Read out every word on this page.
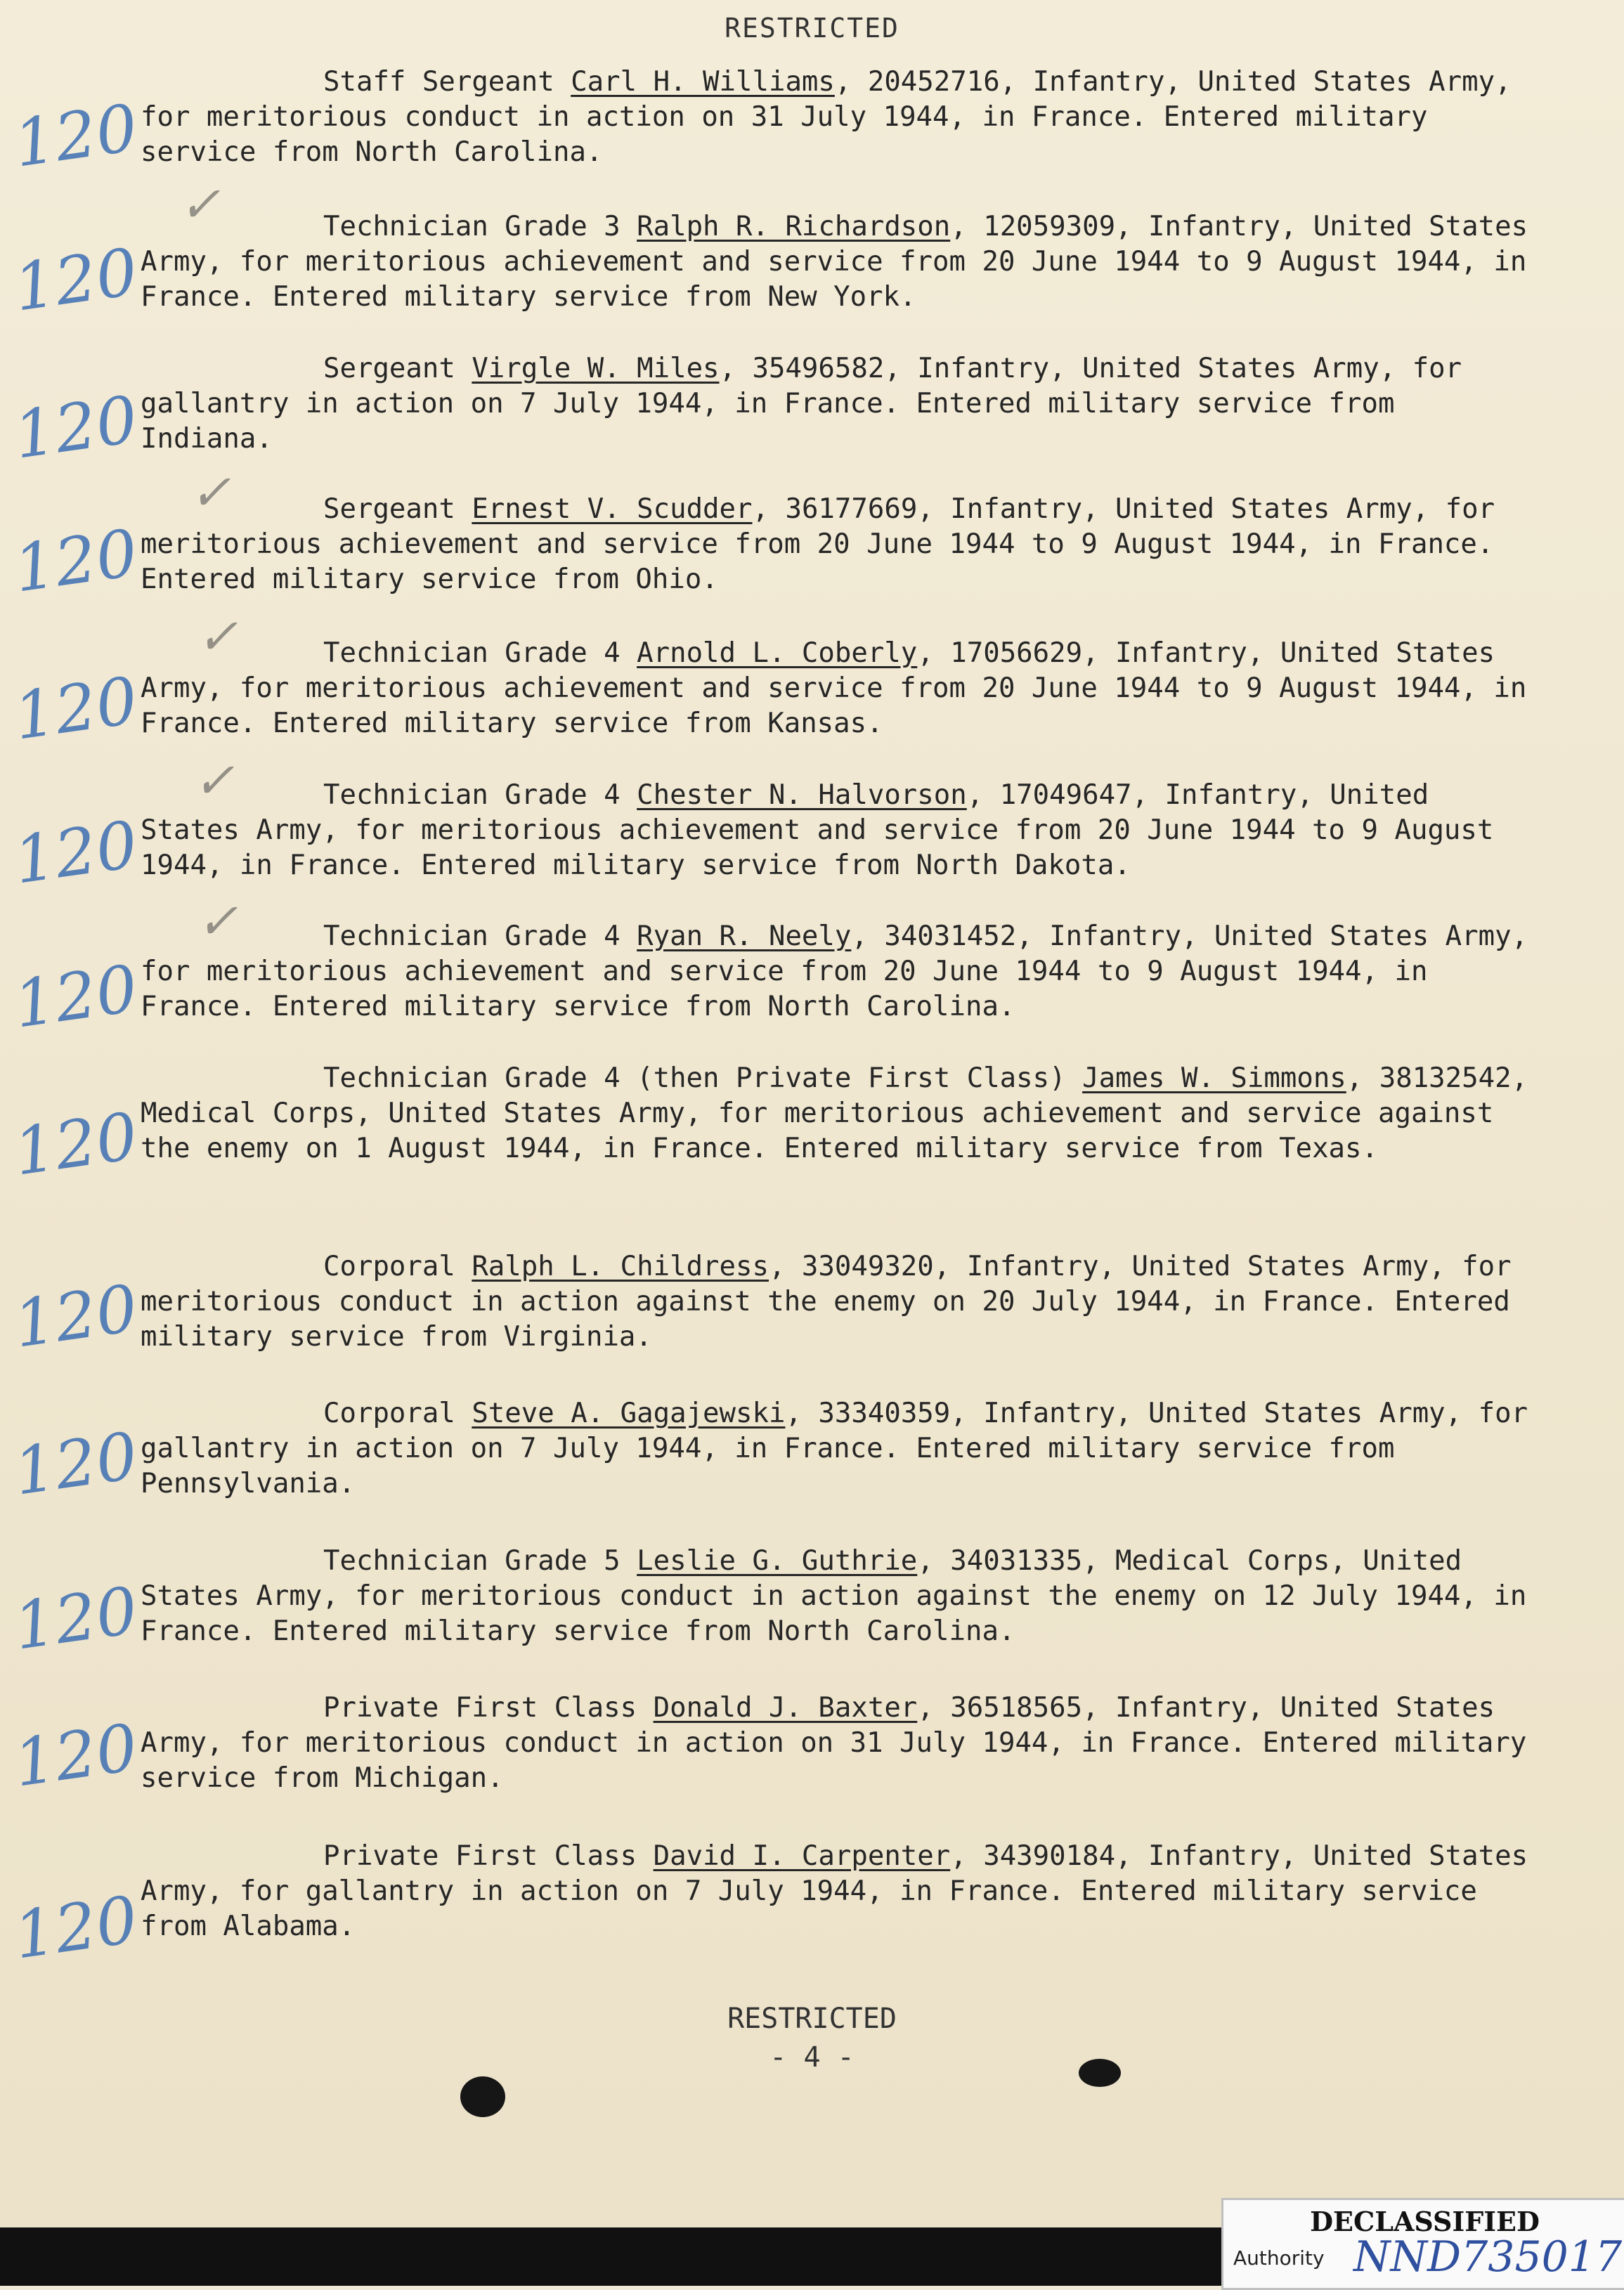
RESTRICTED
Staff Sergeant Carl H. Williams, 20452716, Infantry, United States Army, for meritorious conduct in action on 31 July 1944, in France. Entered military service from North Carolina.
120
Technician Grade 3 Ralph R. Richardson, 12059309, Infantry, United States Army, for meritorious achievement and service from 20 June 1944 to 9 August 1944, in France. Entered military service from New York.
120
✓
Sergeant Virgle W. Miles, 35496582, Infantry, United States Army, for gallantry in action on 7 July 1944, in France. Entered military service from Indiana.
120
Sergeant Ernest V. Scudder, 36177669, Infantry, United States Army, for meritorious achievement and service from 20 June 1944 to 9 August 1944, in France. Entered military service from Ohio.
120
✓
Technician Grade 4 Arnold L. Coberly, 17056629, Infantry, United States Army, for meritorious achievement and service from 20 June 1944 to 9 August 1944, in France. Entered military service from Kansas.
120
✓
Technician Grade 4 Chester N. Halvorson, 17049647, Infantry, United States Army, for meritorious achievement and service from 20 June 1944 to 9 August 1944, in France. Entered military service from North Dakota.
120
✓
Technician Grade 4 Ryan R. Neely, 34031452, Infantry, United States Army, for meritorious achievement and service from 20 June 1944 to 9 August 1944, in France. Entered military service from North Carolina.
120
✓
Technician Grade 4 (then Private First Class) James W. Simmons, 38132542, Medical Corps, United States Army, for meritorious achievement and service against the enemy on 1 August 1944, in France. Entered military service from Texas.
120
Corporal Ralph L. Childress, 33049320, Infantry, United States Army, for meritorious conduct in action against the enemy on 20 July 1944, in France. Entered military service from Virginia.
120
Corporal Steve A. Gagajewski, 33340359, Infantry, United States Army, for gallantry in action on 7 July 1944, in France. Entered military service from Pennsylvania.
120
Technician Grade 5 Leslie G. Guthrie, 34031335, Medical Corps, United States Army, for meritorious conduct in action against the enemy on 12 July 1944, in France. Entered military service from North Carolina.
120
Private First Class Donald J. Baxter, 36518565, Infantry, United States Army, for meritorious conduct in action on 31 July 1944, in France. Entered military service from Michigan.
120
Private First Class David I. Carpenter, 34390184, Infantry, United States Army, for gallantry in action on 7 July 1944, in France. Entered military service from Alabama.
120
RESTRICTED
- 4 -
DECLASSIFIED
Authority NND735017
